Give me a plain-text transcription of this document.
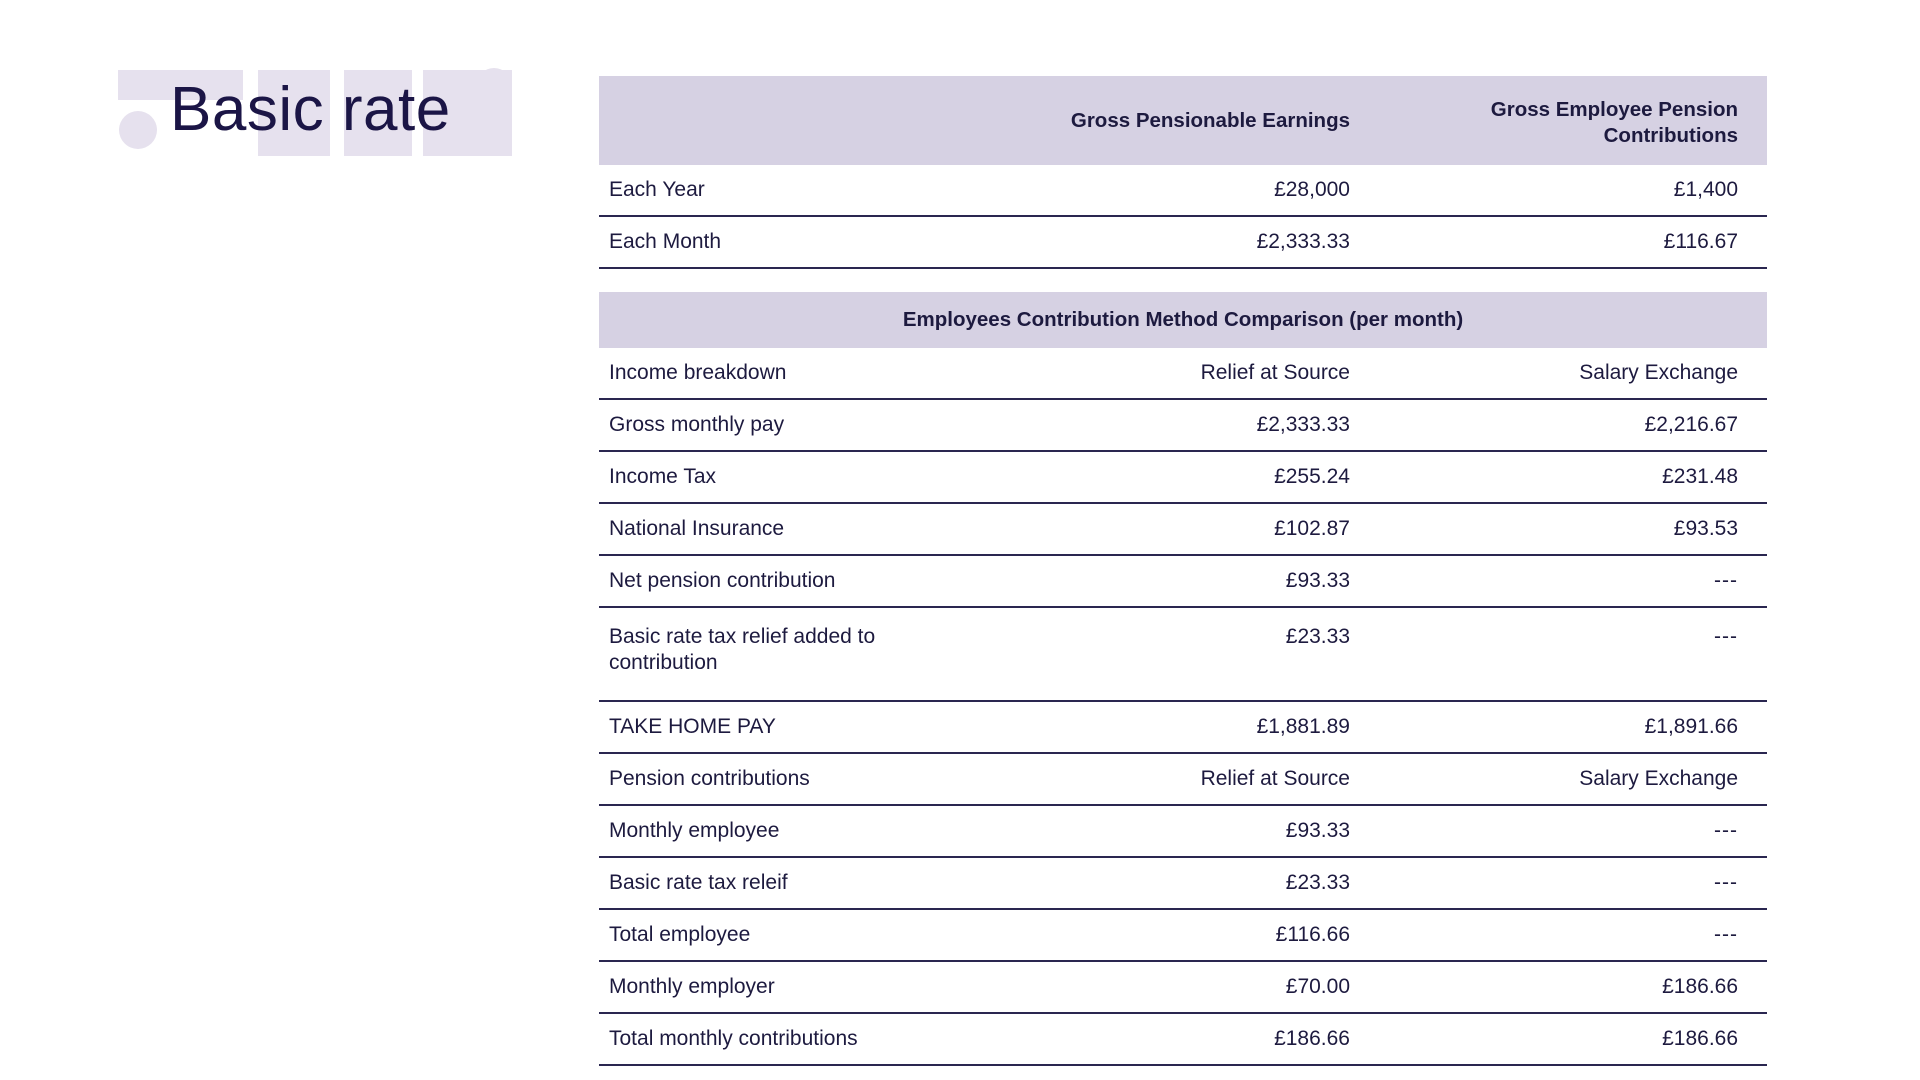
Basic rate
		Gross Pensionable Earnings	Gross Employee Pension Contributions
Each Year	£28,000	£1,400
Each Month	£2,333.33	£116.67
Employees Contribution Method Comparison (per month)		
Income breakdown	Relief at Source	Salary Exchange
Gross monthly pay	£2,333.33	£2,216.67
Income Tax	£255.24	£231.48
National Insurance	£102.87	£93.53
Net pension contribution	£93.33	---
Basic rate tax relief added to contribution	£23.33	---
TAKE HOME PAY	£1,881.89	£1,891.66
Pension contributions	Relief at Source	Salary Exchange
Monthly employee	£93.33	---
Basic rate tax releif	£23.33	---
Total employee	£116.66	---
Monthly employer	£70.00	£186.66
Total monthly contributions	£186.66	£186.66
